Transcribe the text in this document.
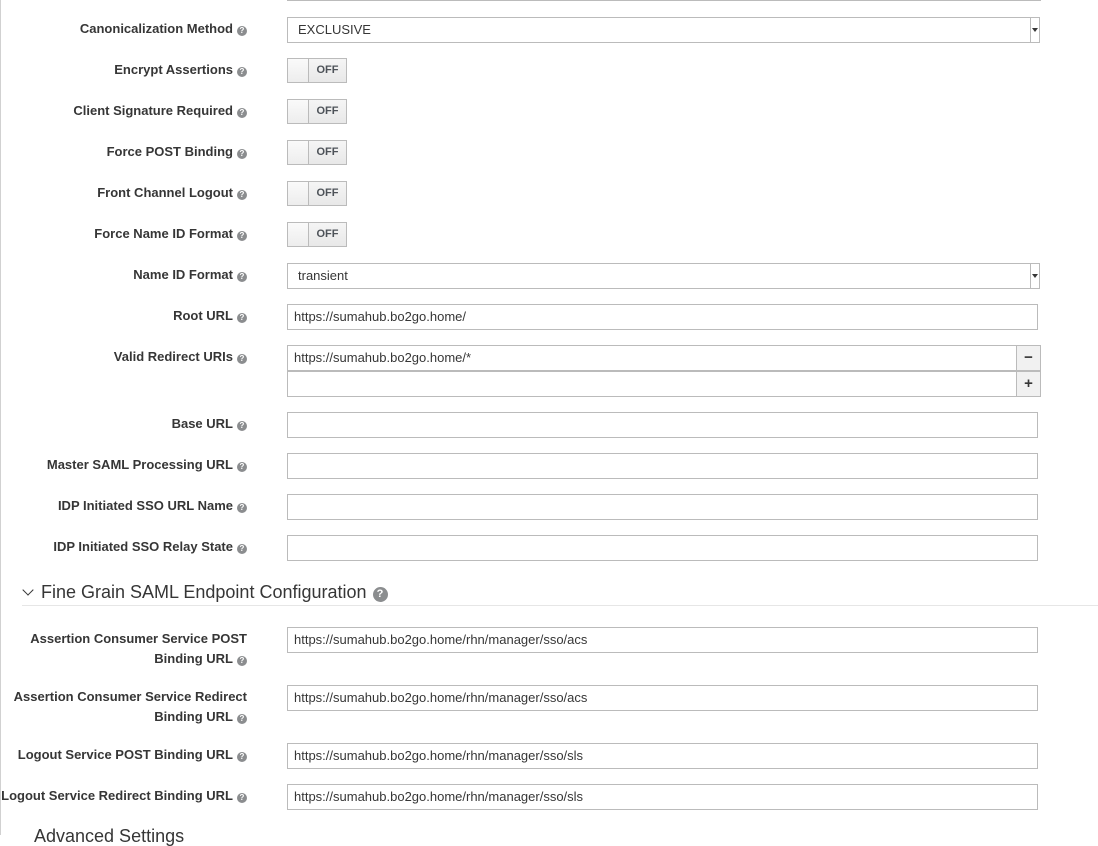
Canonicalization Method ?	EXCLUSIVE
Encrypt Assertions ?	OFF
Client Signature Required ?	OFF
Force POST Binding ?	OFF
Front Channel Logout ?	OFF
Force Name ID Format ?	OFF
Name ID Format ?	transient
Root URL ?	https://sumahub.bo2go.home/
Valid Redirect URIs ?	https://sumahub.bo2go.home/*	−
+
Base URL ?
Master SAML Processing URL ?
IDP Initiated SSO URL Name ?
IDP Initiated SSO Relay State ?
Fine Grain SAML Endpoint Configuration ?
Assertion Consumer Service POST
Binding URL ?
https://sumahub.bo2go.home/rhn/manager/sso/acs
Assertion Consumer Service Redirect
Binding URL ?
https://sumahub.bo2go.home/rhn/manager/sso/acs
Logout Service POST Binding URL ?	https://sumahub.bo2go.home/rhn/manager/sso/sls
Logout Service Redirect Binding URL ?	https://sumahub.bo2go.home/rhn/manager/sso/sls
Advanced Settings
